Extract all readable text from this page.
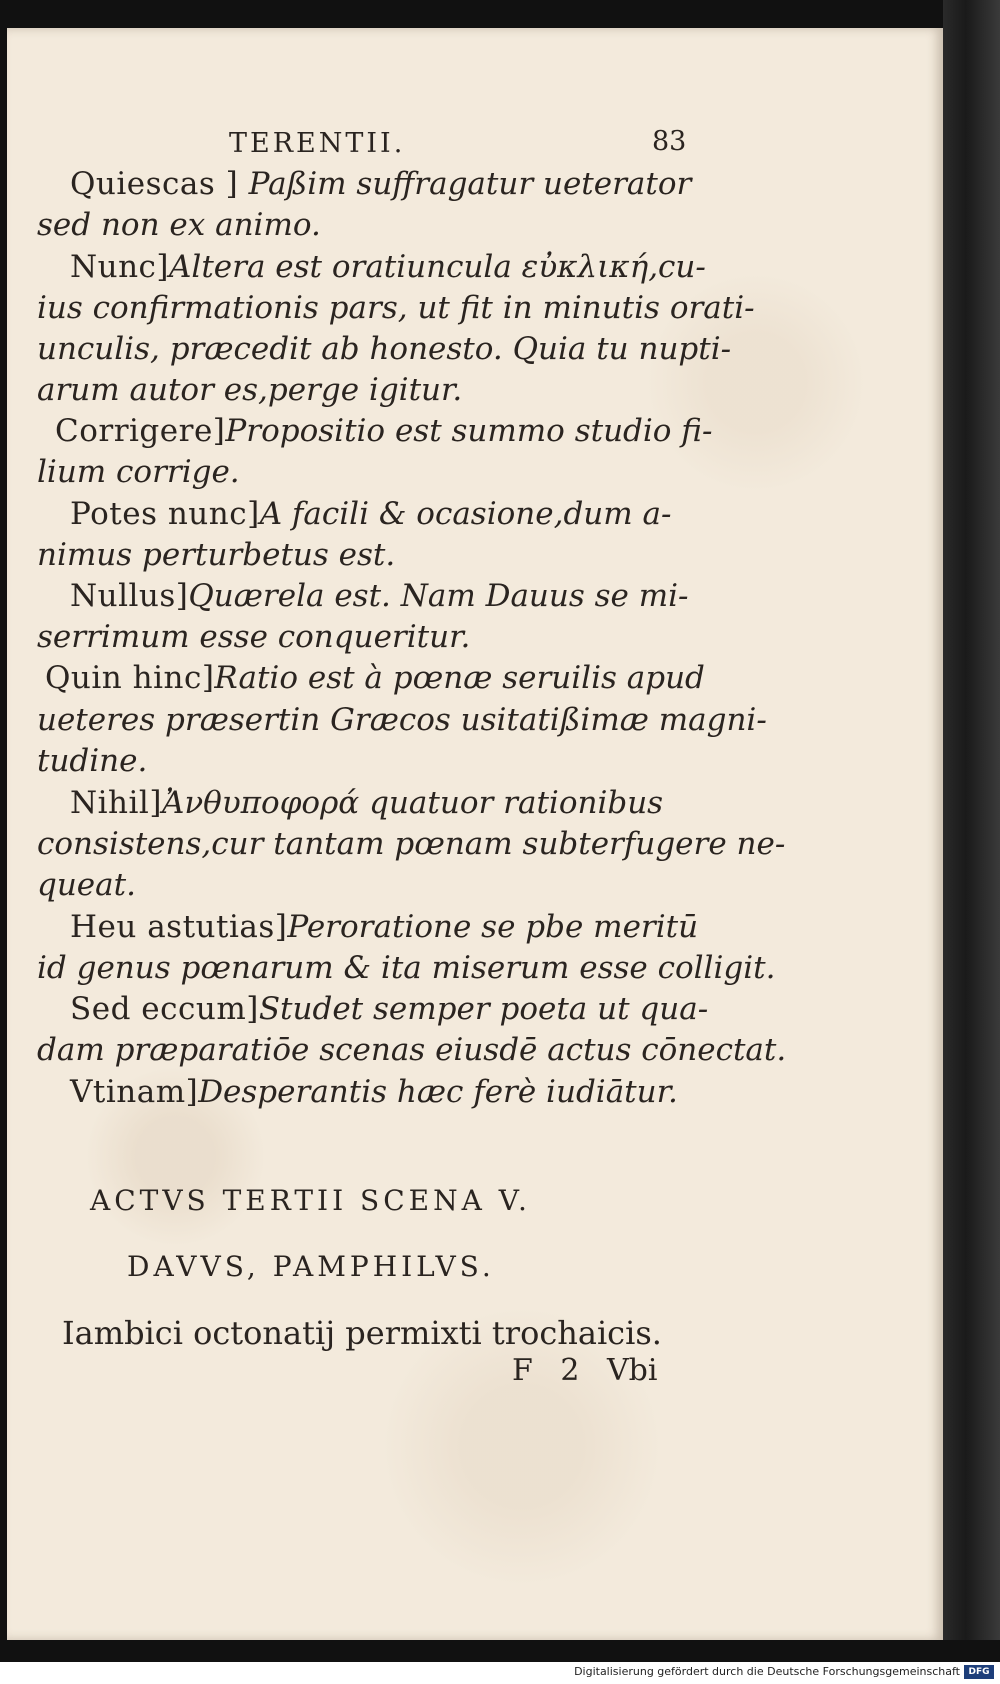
TERENTII.	83
Quiescas ] Paßim suffragatur ueterator
sed non ex animo.
Nunc]Altera est oratiuncula εὐκλική,cu-
ius confirmationis pars, ut fit in minutis orati-
unculis, præcedit ab honesto. Quia tu nupti-
arum autor es,perge igitur.
Corrigere]Propositio est summo studio fi-
lium corrige.
Potes nunc]A facili & ocasione,dum a-
nimus perturbetus est.
Nullus]Quærela est. Nam Dauus se mi-
serrimum esse conqueritur.
Quin hinc]Ratio est à pœnæ seruilis apud
ueteres præsertin Græcos usitatißimæ magni-
tudine.
Nihil]Ἀνθυποφορά quatuor rationibus
consistens,cur tantam pœnam subterfugere ne-
queat.
Heu astutias]Peroratione se pbe meritū
id genus pœnarum & ita miserum esse colligit.
Sed eccum]Studet semper poeta ut qua-
dam præparatiōe scenas eiusdē actus cōnectat.
Vtinam]Desperantis hæc ferè iudiātur.
ACTVS TERTII SCENA V.
DAVVS, PAMPHILVS.
Iambici octonatij permixti trochaicis.
F 2 Vbi
Digitalisierung gefördert durch die Deutsche Forschungsgemeinschaft DFG
